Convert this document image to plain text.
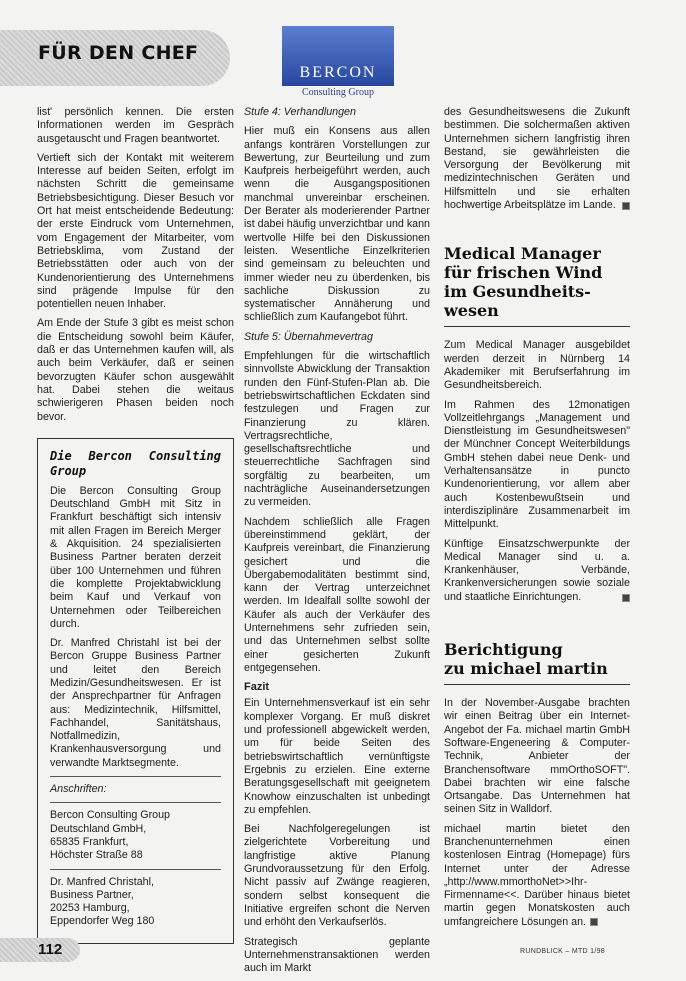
FÜR DEN CHEF
BERCON
Consulting Group

list' persönlich kennen. Die ersten Informationen werden im Gespräch ausgetauscht und Fragen beantwortet.

Vertieft sich der Kontakt mit weiterem Interesse auf beiden Seiten, erfolgt im nächsten Schritt die gemeinsame Betriebsbesichtigung. Dieser Besuch vor Ort hat meist entscheidende Bedeutung: der erste Eindruck vom Unternehmen, vom Engagement der Mitarbeiter, vom Betriebsklima, vom Zustand der Betriebsstätten oder auch von der Kundenorientierung des Unternehmens sind prägende Impulse für den potentiellen neuen Inhaber.

Am Ende der Stufe 3 gibt es meist schon die Entscheidung sowohl beim Käufer, daß er das Unternehmen kaufen will, als auch beim Verkäufer, daß er seinen bevorzugten Käufer schon ausgewählt hat. Dabei stehen die weitaus schwierigeren Phasen beiden noch bevor.

Die Bercon Consulting Group

Die Bercon Consulting Group Deutschland GmbH mit Sitz in Frankfurt beschäftigt sich intensiv mit allen Fragen im Bereich Merger & Akquisition. 24 spezialisierten Business Partner beraten derzeit über 100 Unternehmen und führen die komplette Projektabwicklung beim Kauf und Verkauf von Unternehmen oder Teilbereichen durch.

Dr. Manfred Christahl ist bei der Bercon Gruppe Business Partner und leitet den Bereich Medizin/Gesundheitswesen. Er ist der Ansprechpartner für Anfragen aus: Medizintechnik, Hilfsmittel, Fachhandel, Sanitätshaus, Notfallmedizin, Krankenhausversorgung und verwandte Marktsegmente.

Anschriften:

Bercon Consulting Group
Deutschland GmbH,
65835 Frankfurt,
Höchster Straße 88

Dr. Manfred Christahl,
Business Partner,
20253 Hamburg,
Eppendorfer Weg 180

Stufe 4: Verhandlungen

Hier muß ein Konsens aus allen anfangs konträren Vorstellungen zur Bewertung, zur Beurteilung und zum Kaufpreis herbeigeführt werden, auch wenn die Ausgangspositionen manchmal unvereinbar erscheinen. Der Berater als moderierender Partner ist dabei häufig unverzichtbar und kann wertvolle Hilfe bei den Diskussionen leisten. Wesentliche Einzelkriterien sind gemeinsam zu beleuchten und immer wieder neu zu überdenken, bis sachliche Diskussion zu systematischer Annäherung und schließlich zum Kaufangebot führt.

Stufe 5: Übernahmevertrag

Empfehlungen für die wirtschaftlich sinnvollste Abwicklung der Transaktion runden den Fünf-Stufen-Plan ab. Die betriebswirtschaftlichen Eckdaten sind festzulegen und Fragen zur Finanzierung zu klären. Vertragsrechtliche, gesellschaftsrechtliche und steuerrechtliche Sachfragen sind sorgfältig zu bearbeiten, um nachträgliche Auseinandersetzungen zu vermeiden.

Nachdem schließlich alle Fragen übereinstimmend geklärt, der Kaufpreis vereinbart, die Finanzierung gesichert und die Übergabemodalitäten bestimmt sind, kann der Vertrag unterzeichnet werden. Im Idealfall sollte sowohl der Käufer als auch der Verkäufer des Unternehmens sehr zufrieden sein, und das Unternehmen selbst sollte einer gesicherten Zukunft entgegensehen.

Fazit

Ein Unternehmensverkauf ist ein sehr komplexer Vorgang. Er muß diskret und professionell abgewickelt werden, um für beide Seiten des betriebswirtschaftlich vernünftigste Ergebnis zu erzielen. Eine externe Beratungsgesellschaft mit geeignetem Knowhow einzuschalten ist unbedingt zu empfehlen.

Bei Nachfolgeregelungen ist zielgerichtete Vorbereitung und langfristige aktive Planung Grundvoraussetzung für den Erfolg. Nicht passiv auf Zwänge reagieren, sondern selbst konsequent die Initiative ergreifen schont die Nerven und erhöht den Verkaufserlös.

Strategisch geplante Unternehmenstransaktionen werden auch im Markt

des Gesundheitswesens die Zukunft bestimmen. Die solchermaßen aktiven Unternehmen sichern langfristig ihren Bestand, sie gewährleisten die Versorgung der Bevölkerung mit medizintechnischen Geräten und Hilfsmitteln und sie erhalten hochwertige Arbeitsplätze im Lande.

Medical Manager
für frischen Wind
im Gesundheits-
wesen

Zum Medical Manager ausgebildet werden derzeit in Nürnberg 14 Akademiker mit Berufserfahrung im Gesundheitsbereich.

Im Rahmen des 12monatigen Vollzeitlehrgangs „Management und Dienstleistung im Gesundheitswesen" der Münchner Concept Weiterbildungs GmbH stehen dabei neue Denk- und Verhaltensansätze in puncto Kundenorientierung, vor allem aber auch Kostenbewußtsein und interdisziplinäre Zusammenarbeit im Mittelpunkt.

Künftige Einsatzschwerpunkte der Medical Manager sind u. a. Krankenhäuser, Verbände, Krankenversicherungen sowie soziale und staatliche Einrichtungen.

Berichtigung
zu michael martin

In der November-Ausgabe brachten wir einen Beitrag über ein Internet-Angebot der Fa. michael martin GmbH Software-Engeneering & Computer-Technik, Anbieter der Branchensoftware mmOrthoSOFT". Dabei brachten wir eine falsche Ortsangabe. Das Unternehmen hat seinen Sitz in Walldorf.

michael martin bietet den Branchenunternehmen einen kostenlosen Eintrag (Homepage) fürs Internet unter der Adresse „http://www.mmorthoNet>>Ihr-Firmenname<<. Darüber hinaus bietet martin gegen Monatskosten auch umfangreichere Lösungen an.

112	RUNDBLICK – MTD 1/98
